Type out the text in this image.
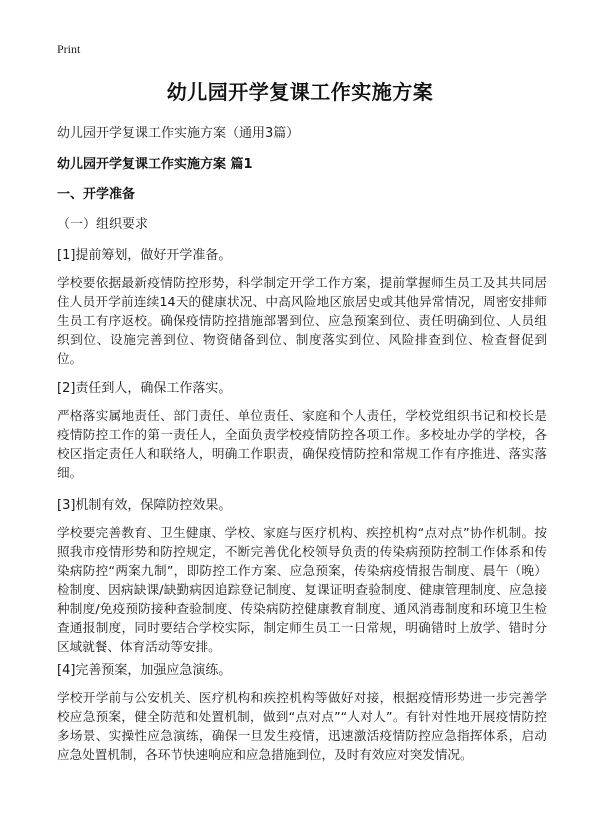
Print
幼儿园开学复课工作实施方案
幼儿园开学复课工作实施方案（通用3篇）
幼儿园开学复课工作实施方案 篇1
一、开学准备
（一）组织要求
[1]提前筹划，做好开学准备。

学校要依据最新疫情防控形势，科学制定开学工作方案，提前掌握师生员工及其共同居住人员开学前连续14天的健康状况、中高风险地区旅居史或其他异常情况，周密安排师生员工有序返校。确保疫情防控措施部署到位、应急预案到位、责任明确到位、人员组织到位、设施完善到位、物资储备到位、制度落实到位、风险排查到位、检查督促到位。

[2]责任到人，确保工作落实。

严格落实属地责任、部门责任、单位责任、家庭和个人责任，学校党组织书记和校长是疫情防控工作的第一责任人，全面负责学校疫情防控各项工作。多校址办学的学校，各校区指定责任人和联络人，明确工作职责，确保疫情防控和常规工作有序推进、落实落细。

[3]机制有效，保障防控效果。

学校要完善教育、卫生健康、学校、家庭与医疗机构、疾控机构“点对点”协作机制。按照我市疫情形势和防控规定，不断完善优化校领导负责的传染病预防控制工作体系和传染病防控“两案九制”，即防控工作方案、应急预案，传染病疫情报告制度、晨午（晚）检制度、因病缺课/缺勤病因追踪登记制度、复课证明查验制度、健康管理制度、应急接种制度/免疫预防接种查验制度、传染病防控健康教育制度、通风消毒制度和环境卫生检查通报制度，同时要结合学校实际，制定师生员工一日常规，明确错时上放学、错时分区域就餐、体育活动等安排。

[4]完善预案，加强应急演练。

学校开学前与公安机关、医疗机构和疾控机构等做好对接，根据疫情形势进一步完善学校应急预案，健全防范和处置机制，做到“点对点”“人对人”。有针对性地开展疫情防控多场景、实操性应急演练，确保一旦发生疫情，迅速激活疫情防控应急指挥体系，启动应急处置机制，各环节快速响应和应急措施到位，及时有效应对突发情况。
